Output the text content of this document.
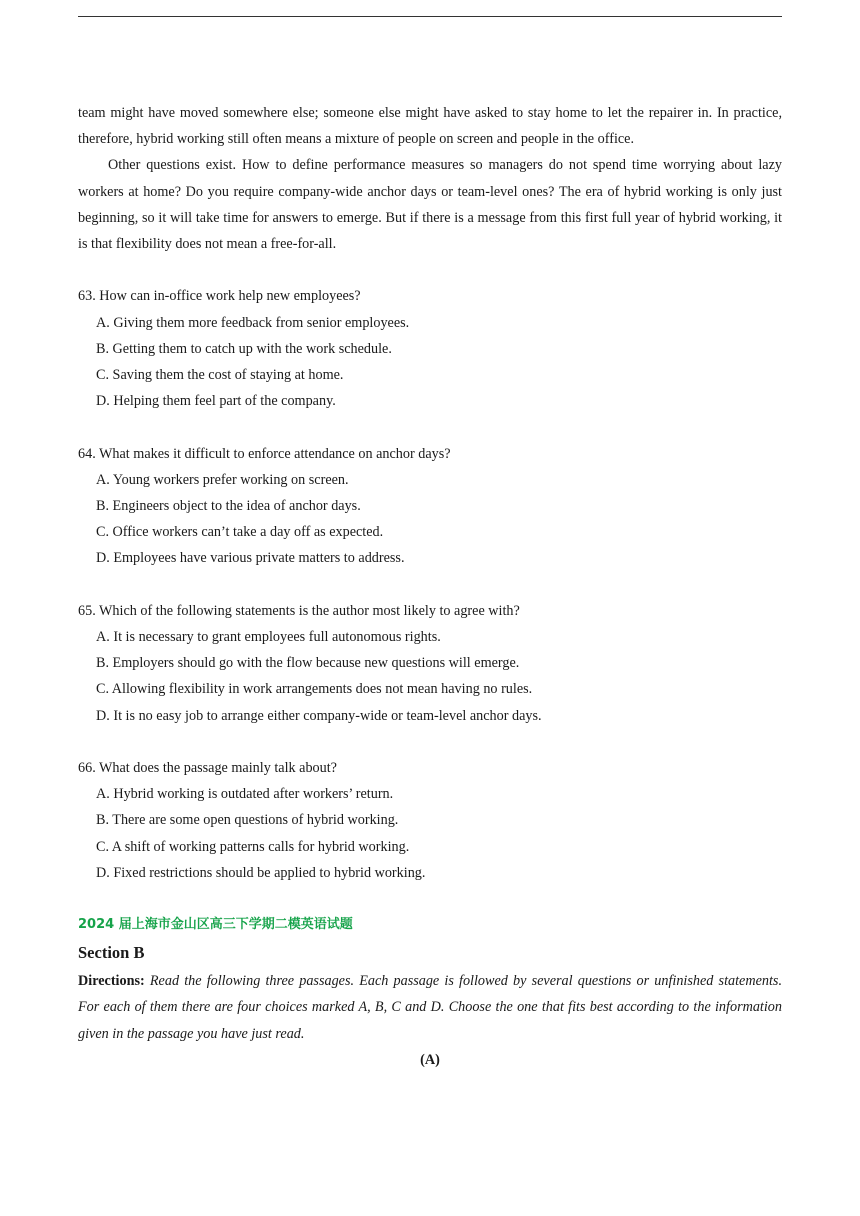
team might have moved somewhere else; someone else might have asked to stay home to let the repairer in. In practice, therefore, hybrid working still often means a mixture of people on screen and people in the office.

Other questions exist. How to define performance measures so managers do not spend time worrying about lazy workers at home? Do you require company-wide anchor days or team-level ones? The era of hybrid working is only just beginning, so it will take time for answers to emerge. But if there is a message from this first full year of hybrid working, it is that flexibility does not mean a free-for-all.

63. How can in-office work help new employees?

A. Giving them more feedback from senior employees.

B. Getting them to catch up with the work schedule.

C. Saving them the cost of staying at home.

D. Helping them feel part of the company.

64. What makes it difficult to enforce attendance on anchor days?

A. Young workers prefer working on screen.

B. Engineers object to the idea of anchor days.

C. Office workers can’t take a day off as expected.

D. Employees have various private matters to address.

65. Which of the following statements is the author most likely to agree with?

A. It is necessary to grant employees full autonomous rights.

B. Employers should go with the flow because new questions will emerge.

C. Allowing flexibility in work arrangements does not mean having no rules.

D. It is no easy job to arrange either company-wide or team-level anchor days.

66. What does the passage mainly talk about?

A. Hybrid working is outdated after workers’ return.

B. There are some open questions of hybrid working.

C. A shift of working patterns calls for hybrid working.

D. Fixed restrictions should be applied to hybrid working.

2024 届上海市金山区高三下学期二模英语试题

Section B

Directions: Read the following three passages. Each passage is followed by several questions or unfinished statements. For each of them there are four choices marked A, B, C and D. Choose the one that fits best according to the information given in the passage you have just read.

(A)
